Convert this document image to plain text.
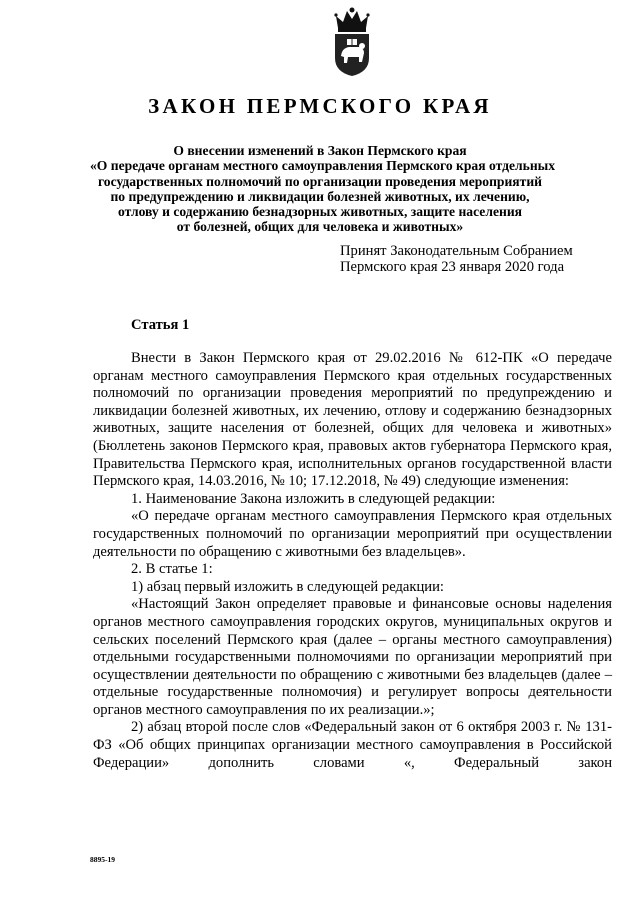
ЗАКОН ПЕРМСКОГО КРАЯ
О внесении изменений в Закон Пермского края
«О передаче органам местного самоуправления Пермского края отдельных
государственных полномочий по организации проведения мероприятий
по предупреждению и ликвидации болезней животных, их лечению,
отлову и содержанию безнадзорных животных, защите населения
от болезней, общих для человека и животных»
Принят Законодательным Собранием
Пермского края 23 января 2020 года
Статья 1

Внести в Закон Пермского края от 29.02.2016 № 612-ПК «О передаче органам местного самоуправления Пермского края отдельных государственных полномочий по организации проведения мероприятий по предупреждению и ликвидации болезней животных, их лечению, отлову и содержанию безнадзорных животных, защите населения от болезней, общих для человека и животных» (Бюллетень законов Пермского края, правовых актов губернатора Пермского края, Правительства Пермского края, исполнительных органов государственной власти Пермского края, 14.03.2016, № 10; 17.12.2018, № 49) следующие изменения:

1. Наименование Закона изложить в следующей редакции:

«О передаче органам местного самоуправления Пермского края отдельных государственных полномочий по организации мероприятий при осуществлении деятельности по обращению с животными без владельцев».

2. В статье 1:

1) абзац первый изложить в следующей редакции:

«Настоящий Закон определяет правовые и финансовые основы наделения органов местного самоуправления городских округов, муниципальных округов и сельских поселений Пермского края (далее – органы местного самоуправления) отдельными государственными полномочиями по организации мероприятий при осуществлении деятельности по обращению с животными без владельцев (далее – отдельные государственные полномочия) и регулирует вопросы деятельности органов местного самоуправления по их реализации.»;

2) абзац второй после слов «Федеральный закон от 6 октября 2003 г. № 131-ФЗ «Об общих принципах организации местного самоуправления в Российской Федерации» дополнить словами «, Федеральный закон

8895-19
